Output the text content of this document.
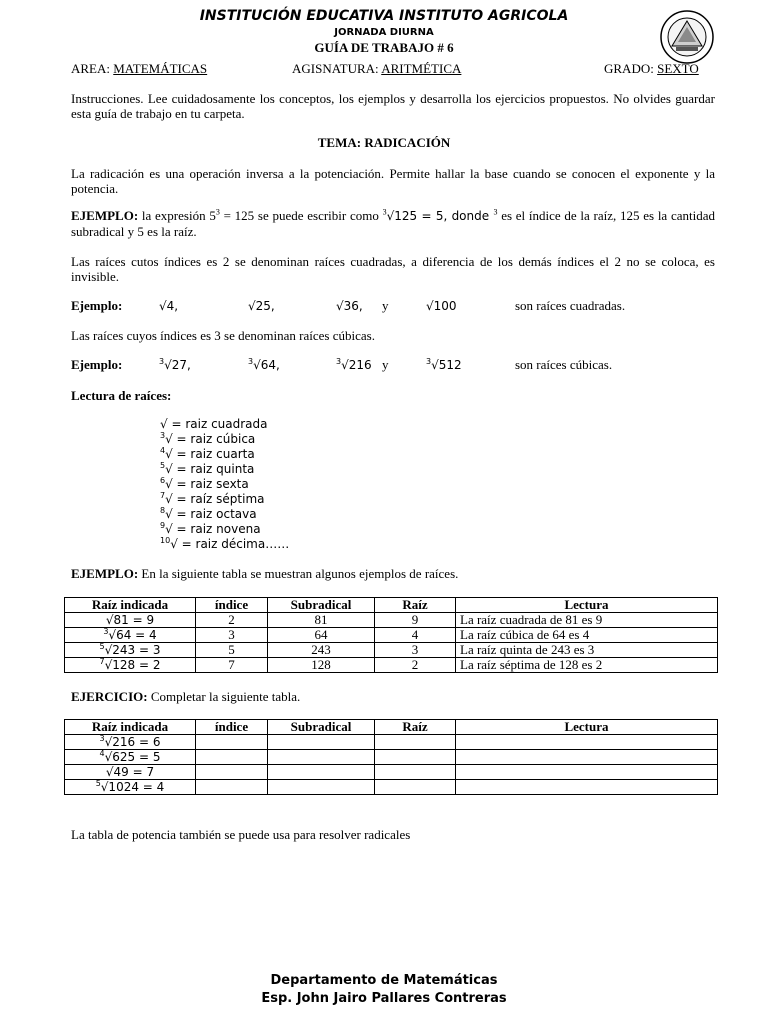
INSTITUCIÓN EDUCATIVA INSTITUTO AGRICOLA
JORNADA DIURNA
GUÍA DE TRABAJO # 6
AREA: MATEMÁTICAS	AGISNATURA: ARITMÉTICA	GRADO: SEXTO
Instrucciones. Lee cuidadosamente los conceptos, los ejemplos y desarrolla los ejercicios propuestos. No olvides guardar esta guía de trabajo en tu carpeta.
TEMA: RADICACIÓN
La radicación es una operación inversa a la potenciación. Permite hallar la base cuando se conocen el exponente y la potencia.
EJEMPLO: la expresión $5^3 = 125$ se puede escribir como $^3$√125 = 5, donde $^3$ es el índice de la raíz, 125 es la cantidad subradical y 5 es la raíz.
Las raíces cutos índices es 2 se denominan raíces cuadradas, a diferencia de los demás índices el 2 no se coloca, es invisible.
Ejemplo:	√4,	√25,	√36, y	√100	son raíces cuadradas.
Las raíces cuyos índices es 3 se denominan raíces cúbicas.
Ejemplo:	$^3$√27,	$^3$√64,	$^3$√216 y	$^3$√512	son raíces cúbicas.
Lectura de raíces:
√ = raiz cuadrada
$^3$√ = raiz cúbica
$^4$√ = raiz cuarta
$^5$√ = raiz quinta
$^6$√ = raiz sexta
$^7$√ = raíz séptima
$^8$√ = raiz octava
$^9$√ = raiz novena
$^{10}$√ = raiz décima……
EJEMPLO: En la siguiente tabla se muestran algunos ejemplos de raíces.
Raíz indicada	índice	Subradical	Raíz	Lectura
√81 = 9	2	81	9	La raíz cuadrada de 81 es 9
$^3$√64 = 4	3	64	4	La raíz cúbica de 64 es 4
$^5$√243 = 3	5	243	3	La raíz quinta de 243 es 3
$^7$√128 = 2	7	128	2	La raíz séptima de 128 es 2
EJERCICIO: Completar la siguiente tabla.
Raíz indicada	índice	Subradical	Raíz	Lectura
$^3$√216 = 6				
$^4$√625 = 5				
√49 = 7				
$^5$√1024 = 4				
La tabla de potencia también se puede usa para resolver radicales
Departamento de Matemáticas
Esp. John Jairo Pallares Contreras
